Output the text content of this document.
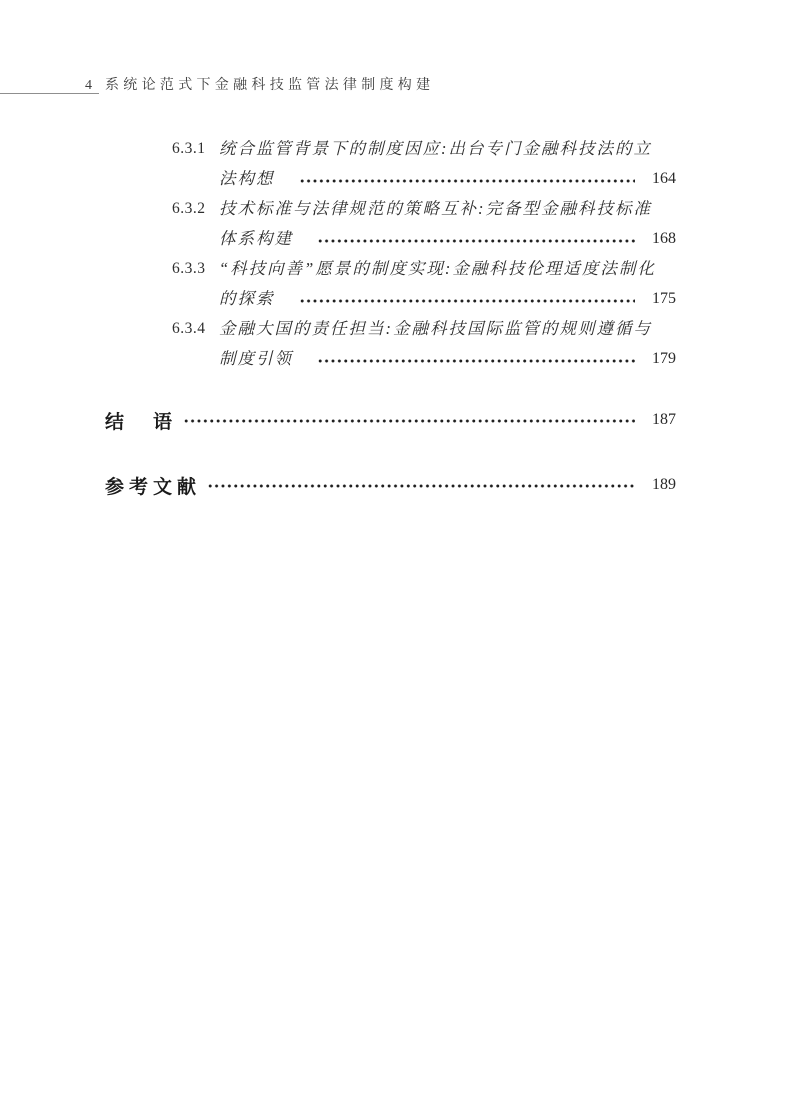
4 系统论范式下金融科技监管法律制度构建
6.3.1 统合监管背景下的制度因应:出台专门金融科技法的立
法构想	164
6.3.2 技术标准与法律规范的策略互补:完备型金融科技标准
体系构建	168
6.3.3 “科技向善”愿景的制度实现:金融科技伦理适度法制化
的探索	175
6.3.4 金融大国的责任担当:金融科技国际监管的规则遵循与
制度引领	179
结　语	187
参考文献	189
